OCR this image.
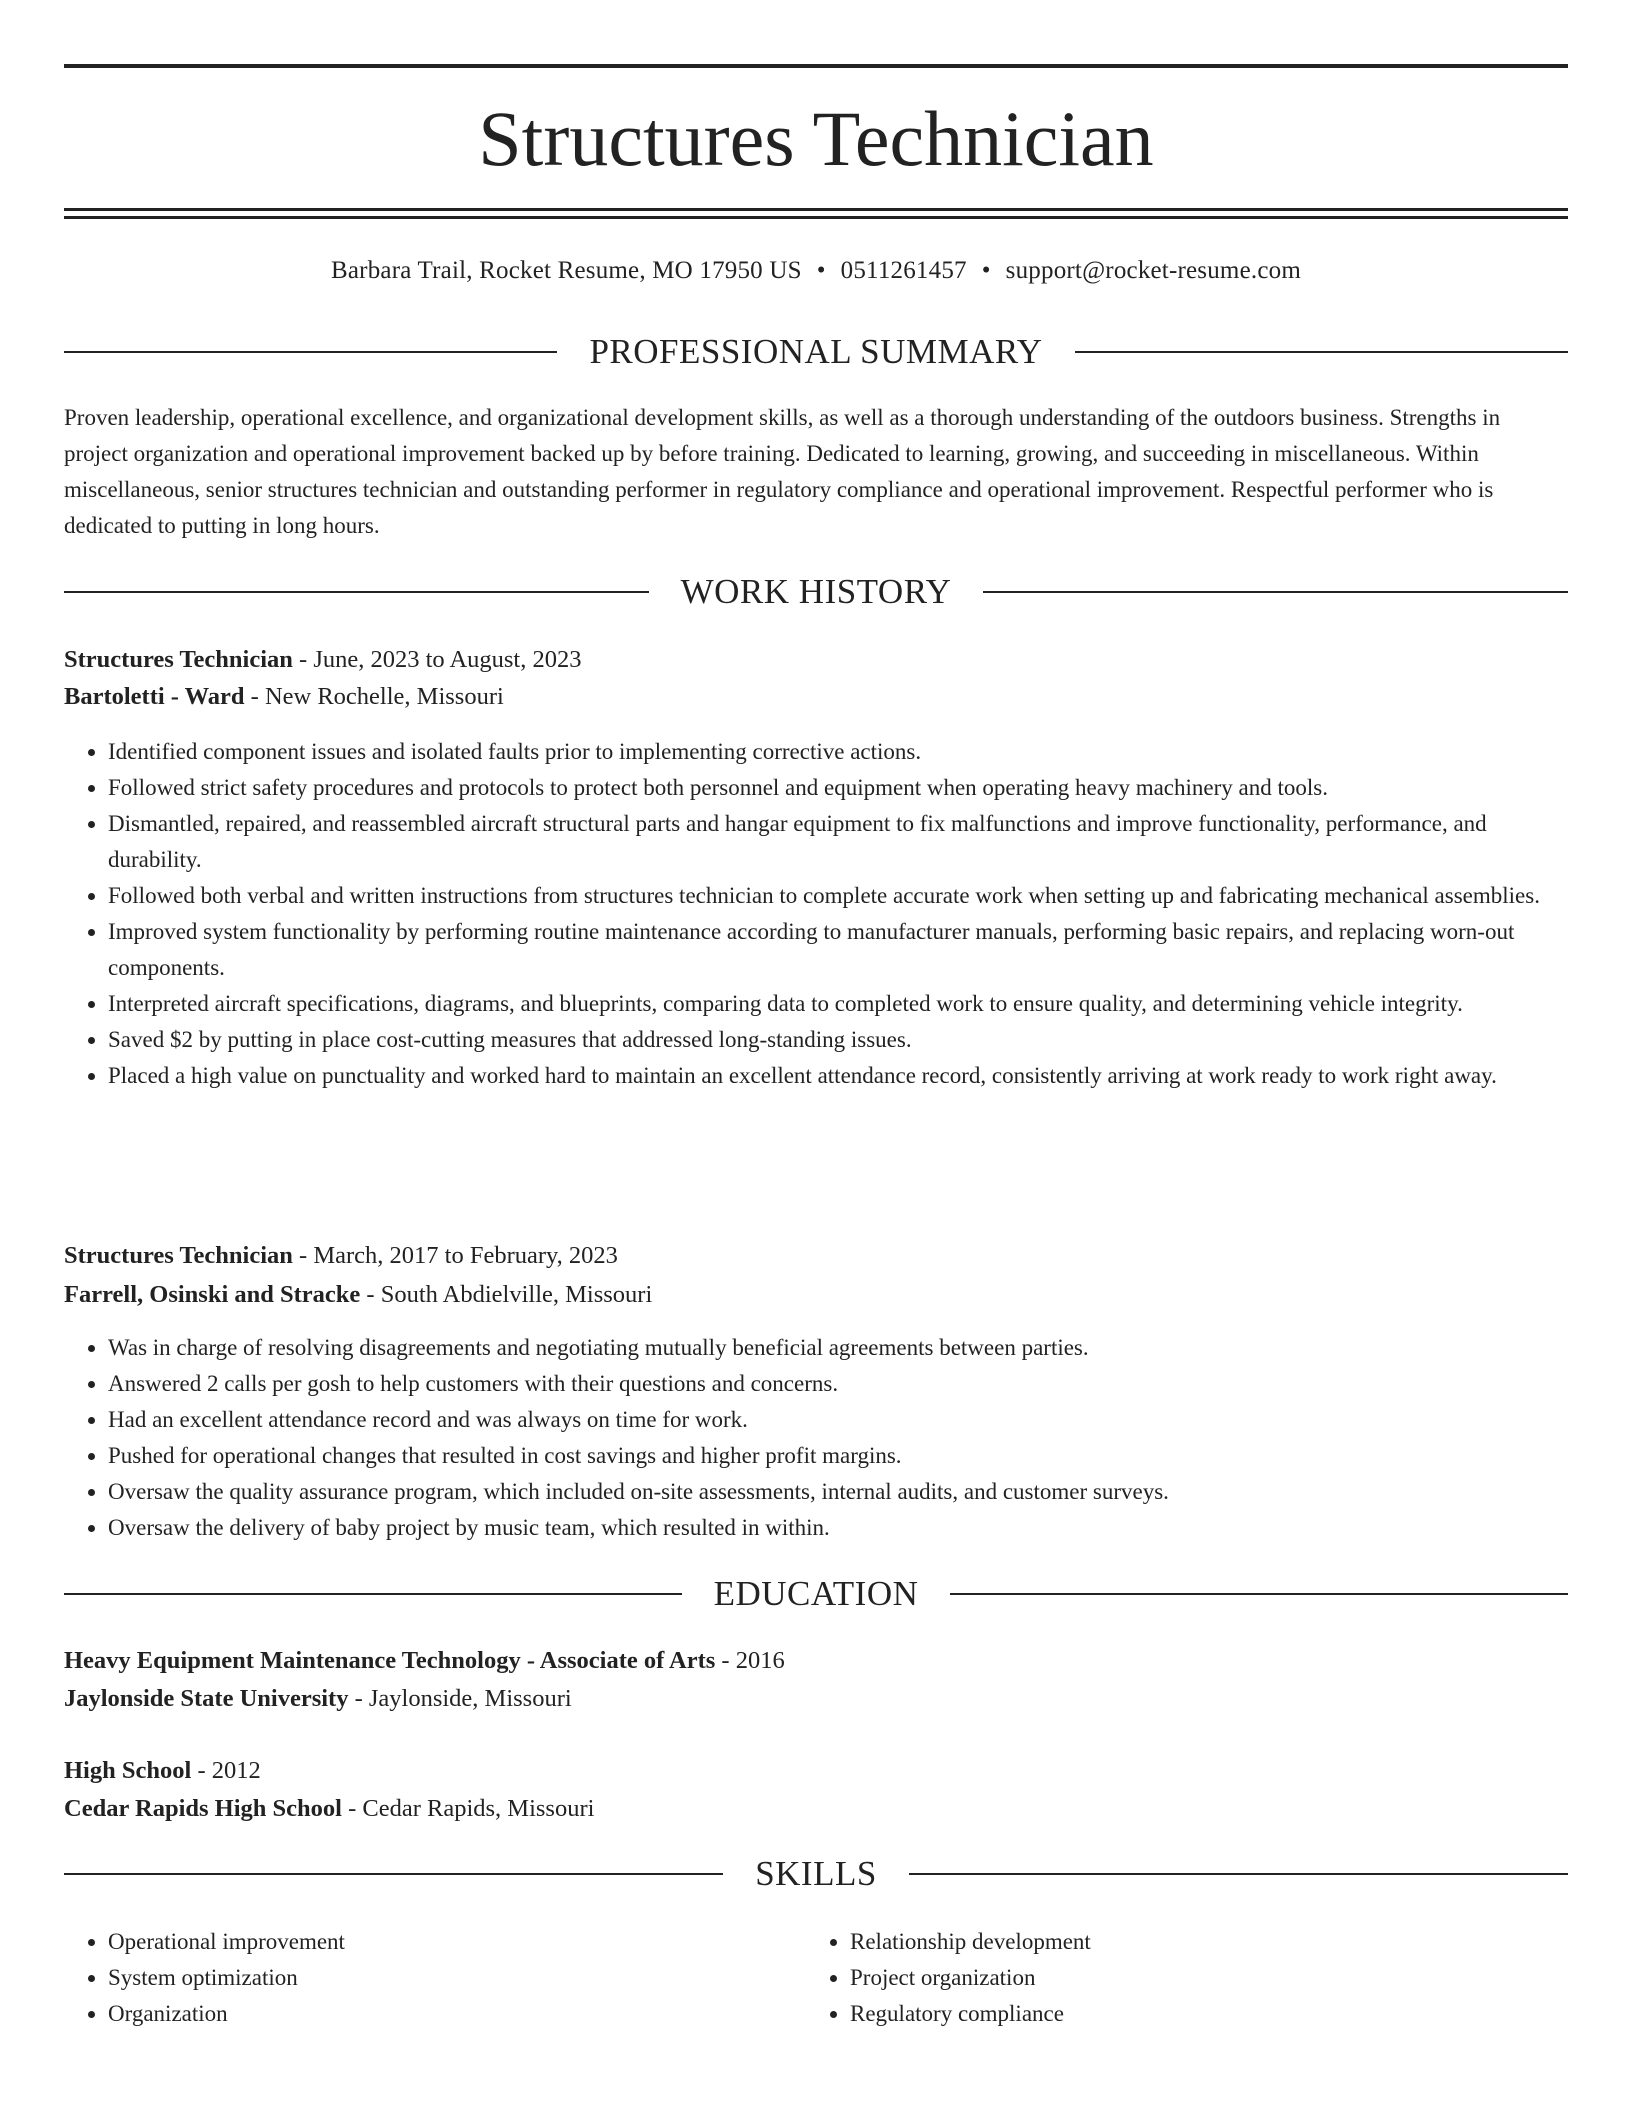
Structures Technician
Barbara Trail, Rocket Resume, MO 17950 US • 0511261457 • support@rocket-resume.com
PROFESSIONAL SUMMARY

Proven leadership, operational excellence, and organizational development skills, as well as a thorough understanding of the outdoors business. Strengths in project organization and operational improvement backed up by before training. Dedicated to learning, growing, and succeeding in miscellaneous. Within miscellaneous, senior structures technician and outstanding performer in regulatory compliance and operational improvement. Respectful performer who is dedicated to putting in long hours.

WORK HISTORY
Structures Technician - June, 2023 to August, 2023
Bartoletti - Ward - New Rochelle, Missouri
• Identified component issues and isolated faults prior to implementing corrective actions.
• Followed strict safety procedures and protocols to protect both personnel and equipment when operating heavy machinery and tools.
• Dismantled, repaired, and reassembled aircraft structural parts and hangar equipment to fix malfunctions and improve functionality, performance, and durability.
• Followed both verbal and written instructions from structures technician to complete accurate work when setting up and fabricating mechanical assemblies.
• Improved system functionality by performing routine maintenance according to manufacturer manuals, performing basic repairs, and replacing worn-out components.
• Interpreted aircraft specifications, diagrams, and blueprints, comparing data to completed work to ensure quality, and determining vehicle integrity.
• Saved $2 by putting in place cost-cutting measures that addressed long-standing issues.
• Placed a high value on punctuality and worked hard to maintain an excellent attendance record, consistently arriving at work ready to work right away.
Structures Technician - March, 2017 to February, 2023
Farrell, Osinski and Stracke - South Abdielville, Missouri
• Was in charge of resolving disagreements and negotiating mutually beneficial agreements between parties.
• Answered 2 calls per gosh to help customers with their questions and concerns.
• Had an excellent attendance record and was always on time for work.
• Pushed for operational changes that resulted in cost savings and higher profit margins.
• Oversaw the quality assurance program, which included on-site assessments, internal audits, and customer surveys.
• Oversaw the delivery of baby project by music team, which resulted in within.
EDUCATION
Heavy Equipment Maintenance Technology - Associate of Arts - 2016
Jaylonside State University - Jaylonside, Missouri
High School - 2012
Cedar Rapids High School - Cedar Rapids, Missouri
SKILLS
• Operational improvement
• System optimization
• Organization
• Relationship development
• Project organization
• Regulatory compliance
